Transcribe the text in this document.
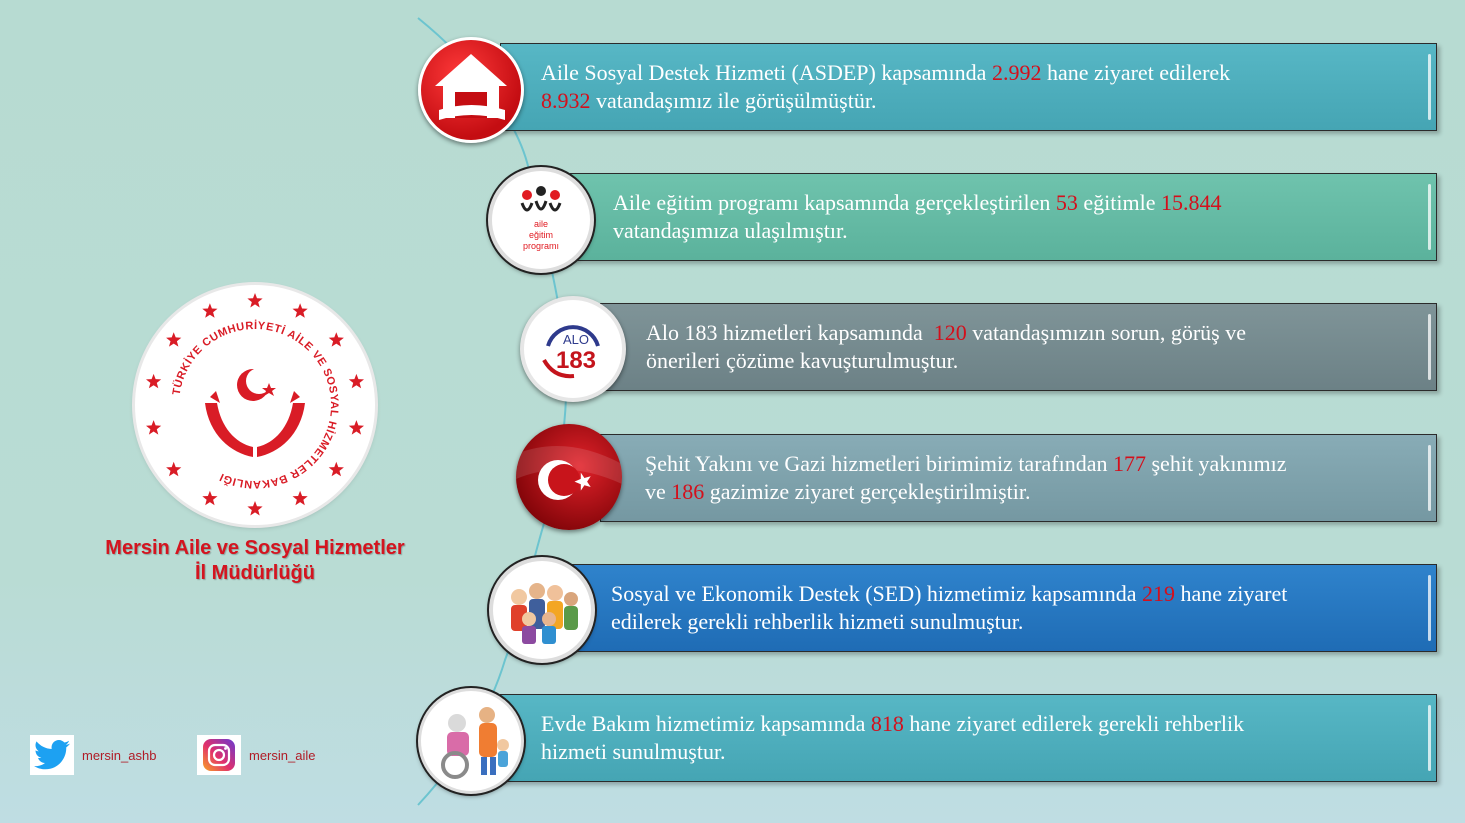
TÜRKİYE CUMHURİYETİ AİLE VE SOSYAL HİZMETLER BAKANLIĞI
Mersin Aile ve Sosyal Hizmetler
İl Müdürlüğü
mersin_ashb	mersin_aile
Aile Sosyal Destek Hizmeti (ASDEP) kapsamında 2.992 hane ziyaret edilerek
8.932 vatandaşımız ile görüşülmüştür.
Aile eğitim programı kapsamında gerçekleştirilen 53 eğitimle 15.844
vatandaşımıza ulaşılmıştır.
Alo 183 hizmetleri kapsamında  120 vatandaşımızın sorun, görüş ve
önerileri çözüme kavuşturulmuştur.
Şehit Yakını ve Gazi hizmetleri birimimiz tarafından 177 şehit yakınımız
ve 186 gazimize ziyaret gerçekleştirilmiştir.
Sosyal ve Ekonomik Destek (SED) hizmetimiz kapsamında 219 hane ziyaret
edilerek gerekli rehberlik hizmeti sunulmuştur.
Evde Bakım hizmetimiz kapsamında 818 hane ziyaret edilerek gerekli rehberlik
hizmeti sunulmuştur.
aile
eğitim
programı
ALO
183
